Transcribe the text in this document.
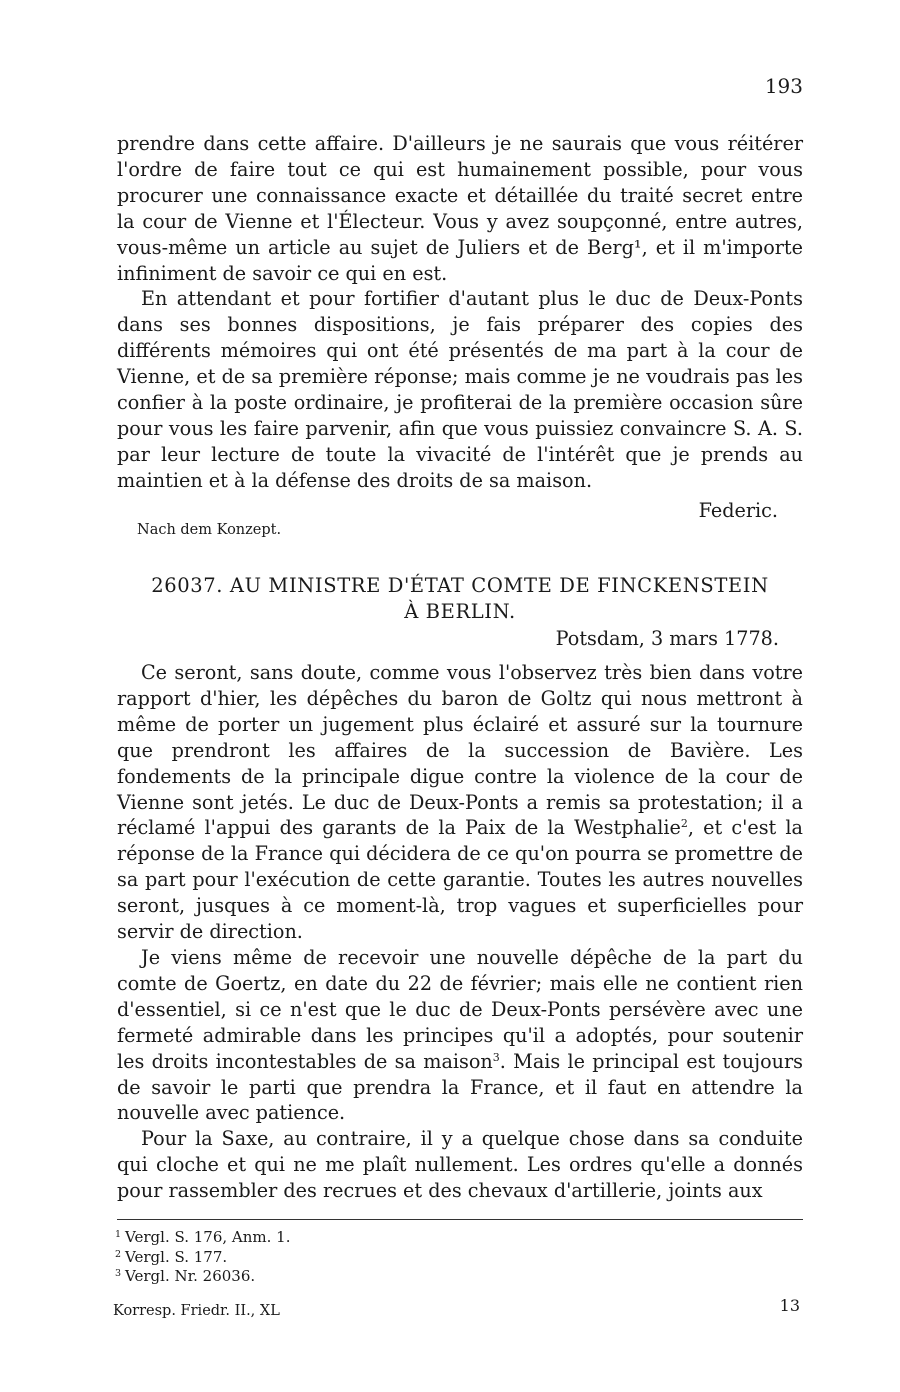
193

prendre dans cette affaire. D'ailleurs je ne saurais que vous réitérer l'ordre de faire tout ce qui est humainement possible, pour vous procurer une connaissance exacte et détaillée du traité secret entre la cour de Vienne et l'Électeur. Vous y avez soupçonné, entre autres, vous-même un article au sujet de Juliers et de Berg¹, et il m'importe infiniment de savoir ce qui en est.

En attendant et pour fortifier d'autant plus le duc de Deux-Ponts dans ses bonnes dispositions, je fais préparer des copies des différents mémoires qui ont été présentés de ma part à la cour de Vienne, et de sa première réponse; mais comme je ne voudrais pas les confier à la poste ordinaire, je profiterai de la première occasion sûre pour vous les faire parvenir, afin que vous puissiez convaincre S. A. S. par leur lecture de toute la vivacité de l'intérêt que je prends au maintien et à la défense des droits de sa maison.

Federic.
Nach dem Konzept.
26037. AU MINISTRE D'ÉTAT COMTE DE FINCKENSTEIN
À BERLIN.
Potsdam, 3 mars 1778.

Ce seront, sans doute, comme vous l'observez très bien dans votre rapport d'hier, les dépêches du baron de Goltz qui nous mettront à même de porter un jugement plus éclairé et assuré sur la tournure que prendront les affaires de la succession de Bavière. Les fondements de la principale digue contre la violence de la cour de Vienne sont jetés. Le duc de Deux-Ponts a remis sa protestation; il a réclamé l'appui des garants de la Paix de la Westphalie$^2$, et c'est la réponse de la France qui décidera de ce qu'on pourra se promettre de sa part pour l'exécution de cette garantie. Toutes les autres nouvelles seront, jusques à ce moment-là, trop vagues et superficielles pour servir de direction.

Je viens même de recevoir une nouvelle dépêche de la part du comte de Goertz, en date du 22 de février; mais elle ne contient rien d'essentiel, si ce n'est que le duc de Deux-Ponts persévère avec une fermeté admirable dans les principes qu'il a adoptés, pour soutenir les droits incontestables de sa maison$^3$. Mais le principal est toujours de savoir le parti que prendra la France, et il faut en attendre la nouvelle avec patience.

Pour la Saxe, au contraire, il y a quelque chose dans sa conduite qui cloche et qui ne me plaît nullement. Les ordres qu'elle a donnés pour rassembler des recrues et des chevaux d'artillerie, joints aux

$^1$ Vergl. S. 176, Anm. 1.
$^2$ Vergl. S. 177.
$^3$ Vergl. Nr. 26036.
Korresp. Friedr. II., XL	13
